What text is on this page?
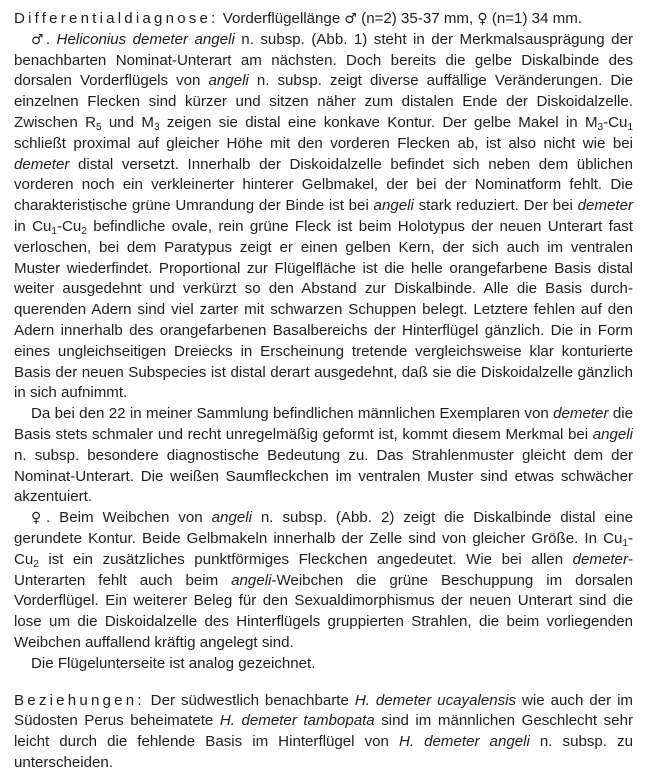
Differentialdiagnose: Vorderflügellänge ♂ (n=2) 35-37 mm, ♀ (n=1) 34 mm.

♂. Heliconius demeter angeli n. subsp. (Abb. 1) steht in der Merkmalsausprägung der benachbarten Nominat-Unterart am nächsten. Doch bereits die gelbe Diskalbinde des dorsalen Vorderflügels von angeli n. subsp. zeigt diverse auffällige Veränderungen. Die einzelnen Flecken sind kürzer und sitzen näher zum distalen Ende der Diskoidalzelle. Zwischen $R_5$ und $M_3$ zeigen sie distal eine konkave Kontur. Der gelbe Makel in $M_3-Cu_1$ schließt proximal auf gleicher Höhe mit den vorderen Flecken ab, ist also nicht wie bei demeter distal versetzt. Innerhalb der Diskoidalzelle befindet sich neben dem üblichen vorderen noch ein verkleinerter hinterer Gelbmakel, der bei der Nominatform fehlt. Die charakteristische grüne Umrandung der Binde ist bei angeli stark reduziert. Der bei demeter in $Cu_1-Cu_2$ befindliche ovale, rein grüne Fleck ist beim Holotypus der neuen Unterart fast verloschen, bei dem Paratypus zeigt er einen gelben Kern, der sich auch im ventralen Muster wiederfindet. Proportional zur Flügelfläche ist die helle orangefarbene Basis distal weiter ausgedehnt und verkürzt so den Abstand zur Diskalbinde. Alle die Basis durchquerenden Adern sind viel zarter mit schwarzen Schuppen belegt. Letztere fehlen auf den Adern innerhalb des orangefarbenen Basalbereichs der Hinterflügel gänzlich. Die in Form eines ungleichseitigen Dreiecks in Erscheinung tretende vergleichsweise klar konturierte Basis der neuen Subspecies ist distal derart ausgedehnt, daß sie die Diskoidalzelle gänzlich in sich aufnimmt.

Da bei den 22 in meiner Sammlung befindlichen männlichen Exemplaren von demeter die Basis stets schmaler und recht unregelmäßig geformt ist, kommt diesem Merkmal bei angeli n. subsp. besondere diagnostische Bedeutung zu. Das Strahlenmuster gleicht dem der Nominat-Unterart. Die weißen Saumfleckchen im ventralen Muster sind etwas schwächer akzentuiert.

♀. Beim Weibchen von angeli n. subsp. (Abb. 2) zeigt die Diskalbinde distal eine gerundete Kontur. Beide Gelbmakeln innerhalb der Zelle sind von gleicher Größe. In $Cu_1-Cu_2$ ist ein zusätzliches punktförmiges Fleckchen angedeutet. Wie bei allen demeter-Unterarten fehlt auch beim angeli-Weibchen die grüne Beschuppung im dorsalen Vorderflügel. Ein weiterer Beleg für den Sexualdimorphismus der neuen Unterart sind die lose um die Diskoidalzelle des Hinterflügels gruppierten Strahlen, die beim vorliegenden Weibchen auffallend kräftig angelegt sind.

Die Flügelunterseite ist analog gezeichnet.

Beziehungen: Der südwestlich benachbarte H. demeter ucayalensis wie auch der im Südosten Perus beheimatete H. demeter tambopata sind im männlichen Geschlecht sehr leicht durch die fehlende Basis im Hinterflügel von H. demeter angeli n. subsp. zu unterscheiden.
